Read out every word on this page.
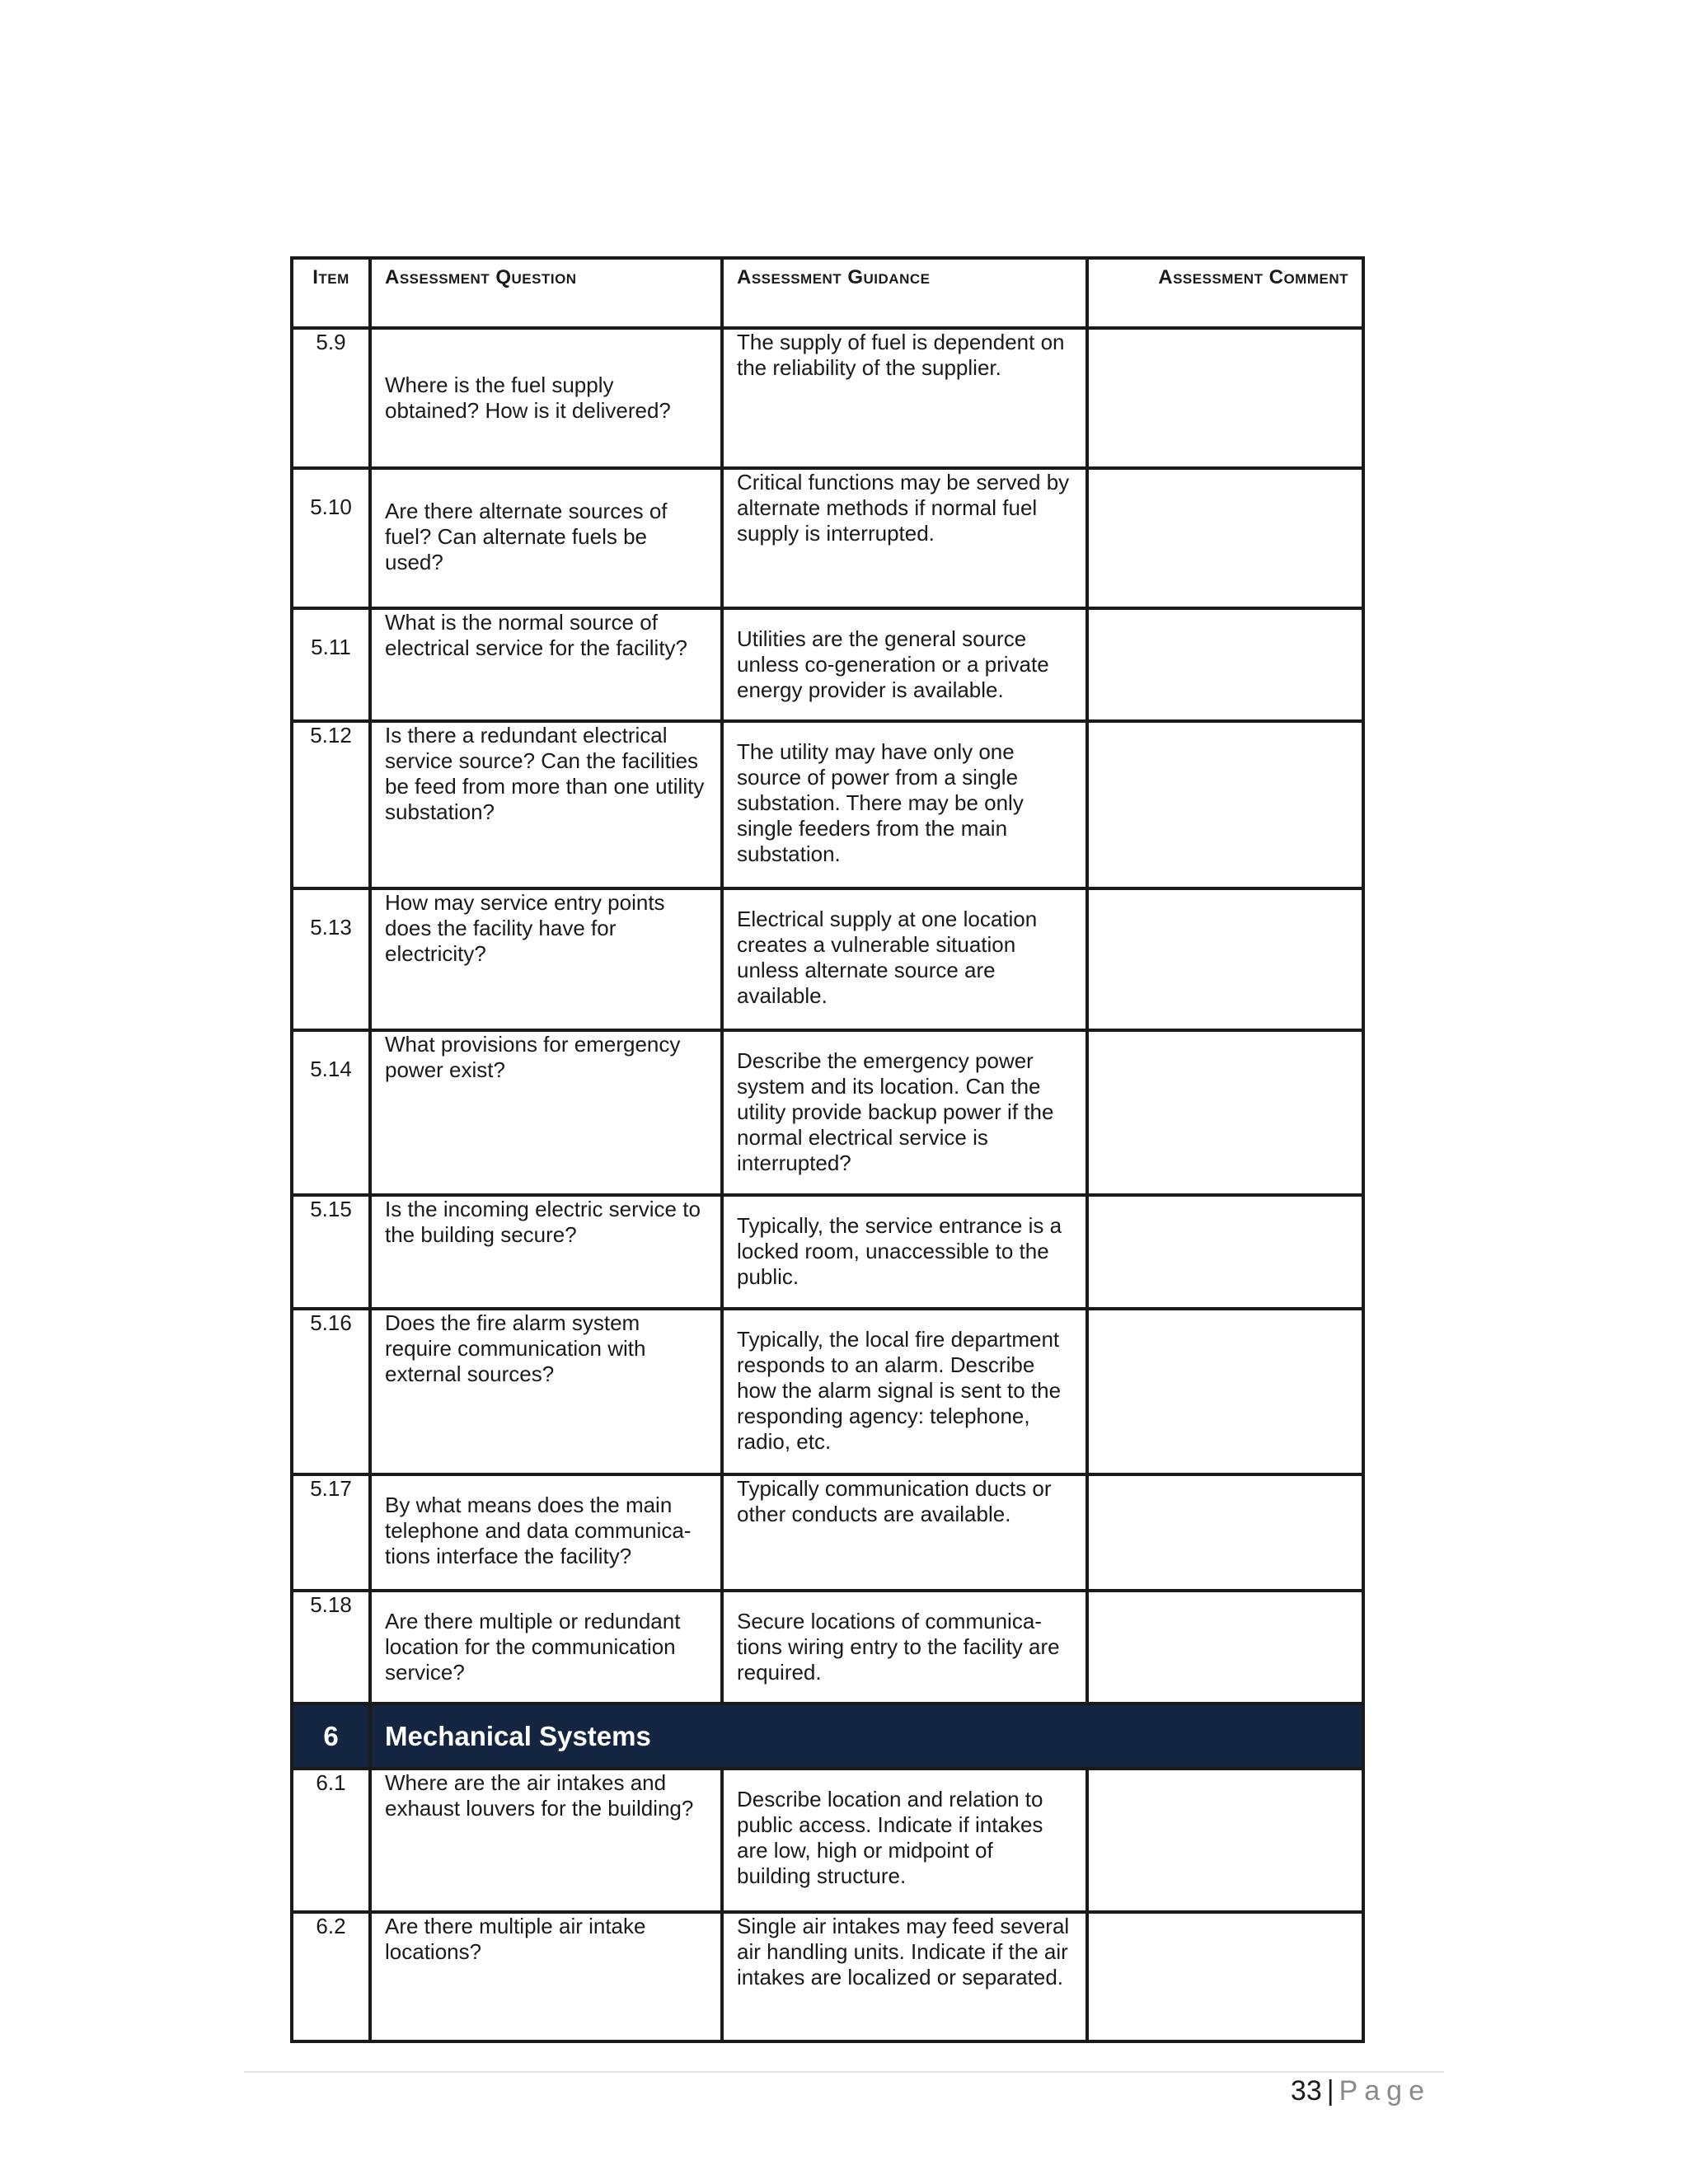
Item	Assessment Question	Assessment Guidance	Assessment Comment
5.9	Where is the fuel supply obtained? How is it delivered?	The supply of fuel is dependent on the reliability of the supplier.	

5.10	Are there alternate sources of fuel? Can alternate fuels be used?	Critical functions may be served by alternate methods if normal fuel supply is interrupted.	

5.11	What is the normal source of electrical service for the facility?	Utilities are the general source unless co-generation or a private energy provider is available.	

5.12	Is there a redundant electrical service source? Can the facilities be feed from more than one utility substation?	The utility may have only one source of power from a single substation. There may be only single feeders from the main substation.	

5.13	How may service entry points does the facility have for electricity?	Electrical supply at one location creates a vulnerable situation unless alternate source are available.	

5.14	What provisions for emergency power exist?	Describe the emergency power system and its location. Can the utility provide backup power if the normal electrical service is interrupted?	

5.15	Is the incoming electric service to the building secure?	Typically, the service entrance is a locked room, unaccessible to the public.	

5.16	Does the fire alarm system require communication with external sources?	Typically, the local fire department responds to an alarm. Describe how the alarm signal is sent to the responding agency: telephone, radio, etc.	

5.17	By what means does the main telephone and data communica-tions interface the facility?	Typically communication ducts or other conducts are available.	

5.18	Are there multiple or redundant location for the communication service?	Secure locations of communica-tions wiring entry to the facility are required.	

6	Mechanical Systems		
6.1	Where are the air intakes and exhaust louvers for the building?	Describe location and relation to public access. Indicate if intakes are low, high or midpoint of building structure.	

6.2	Are there multiple air intake locations?	Single air intakes may feed several air handling units. Indicate if the air intakes are localized or separated.	

33 | Page
